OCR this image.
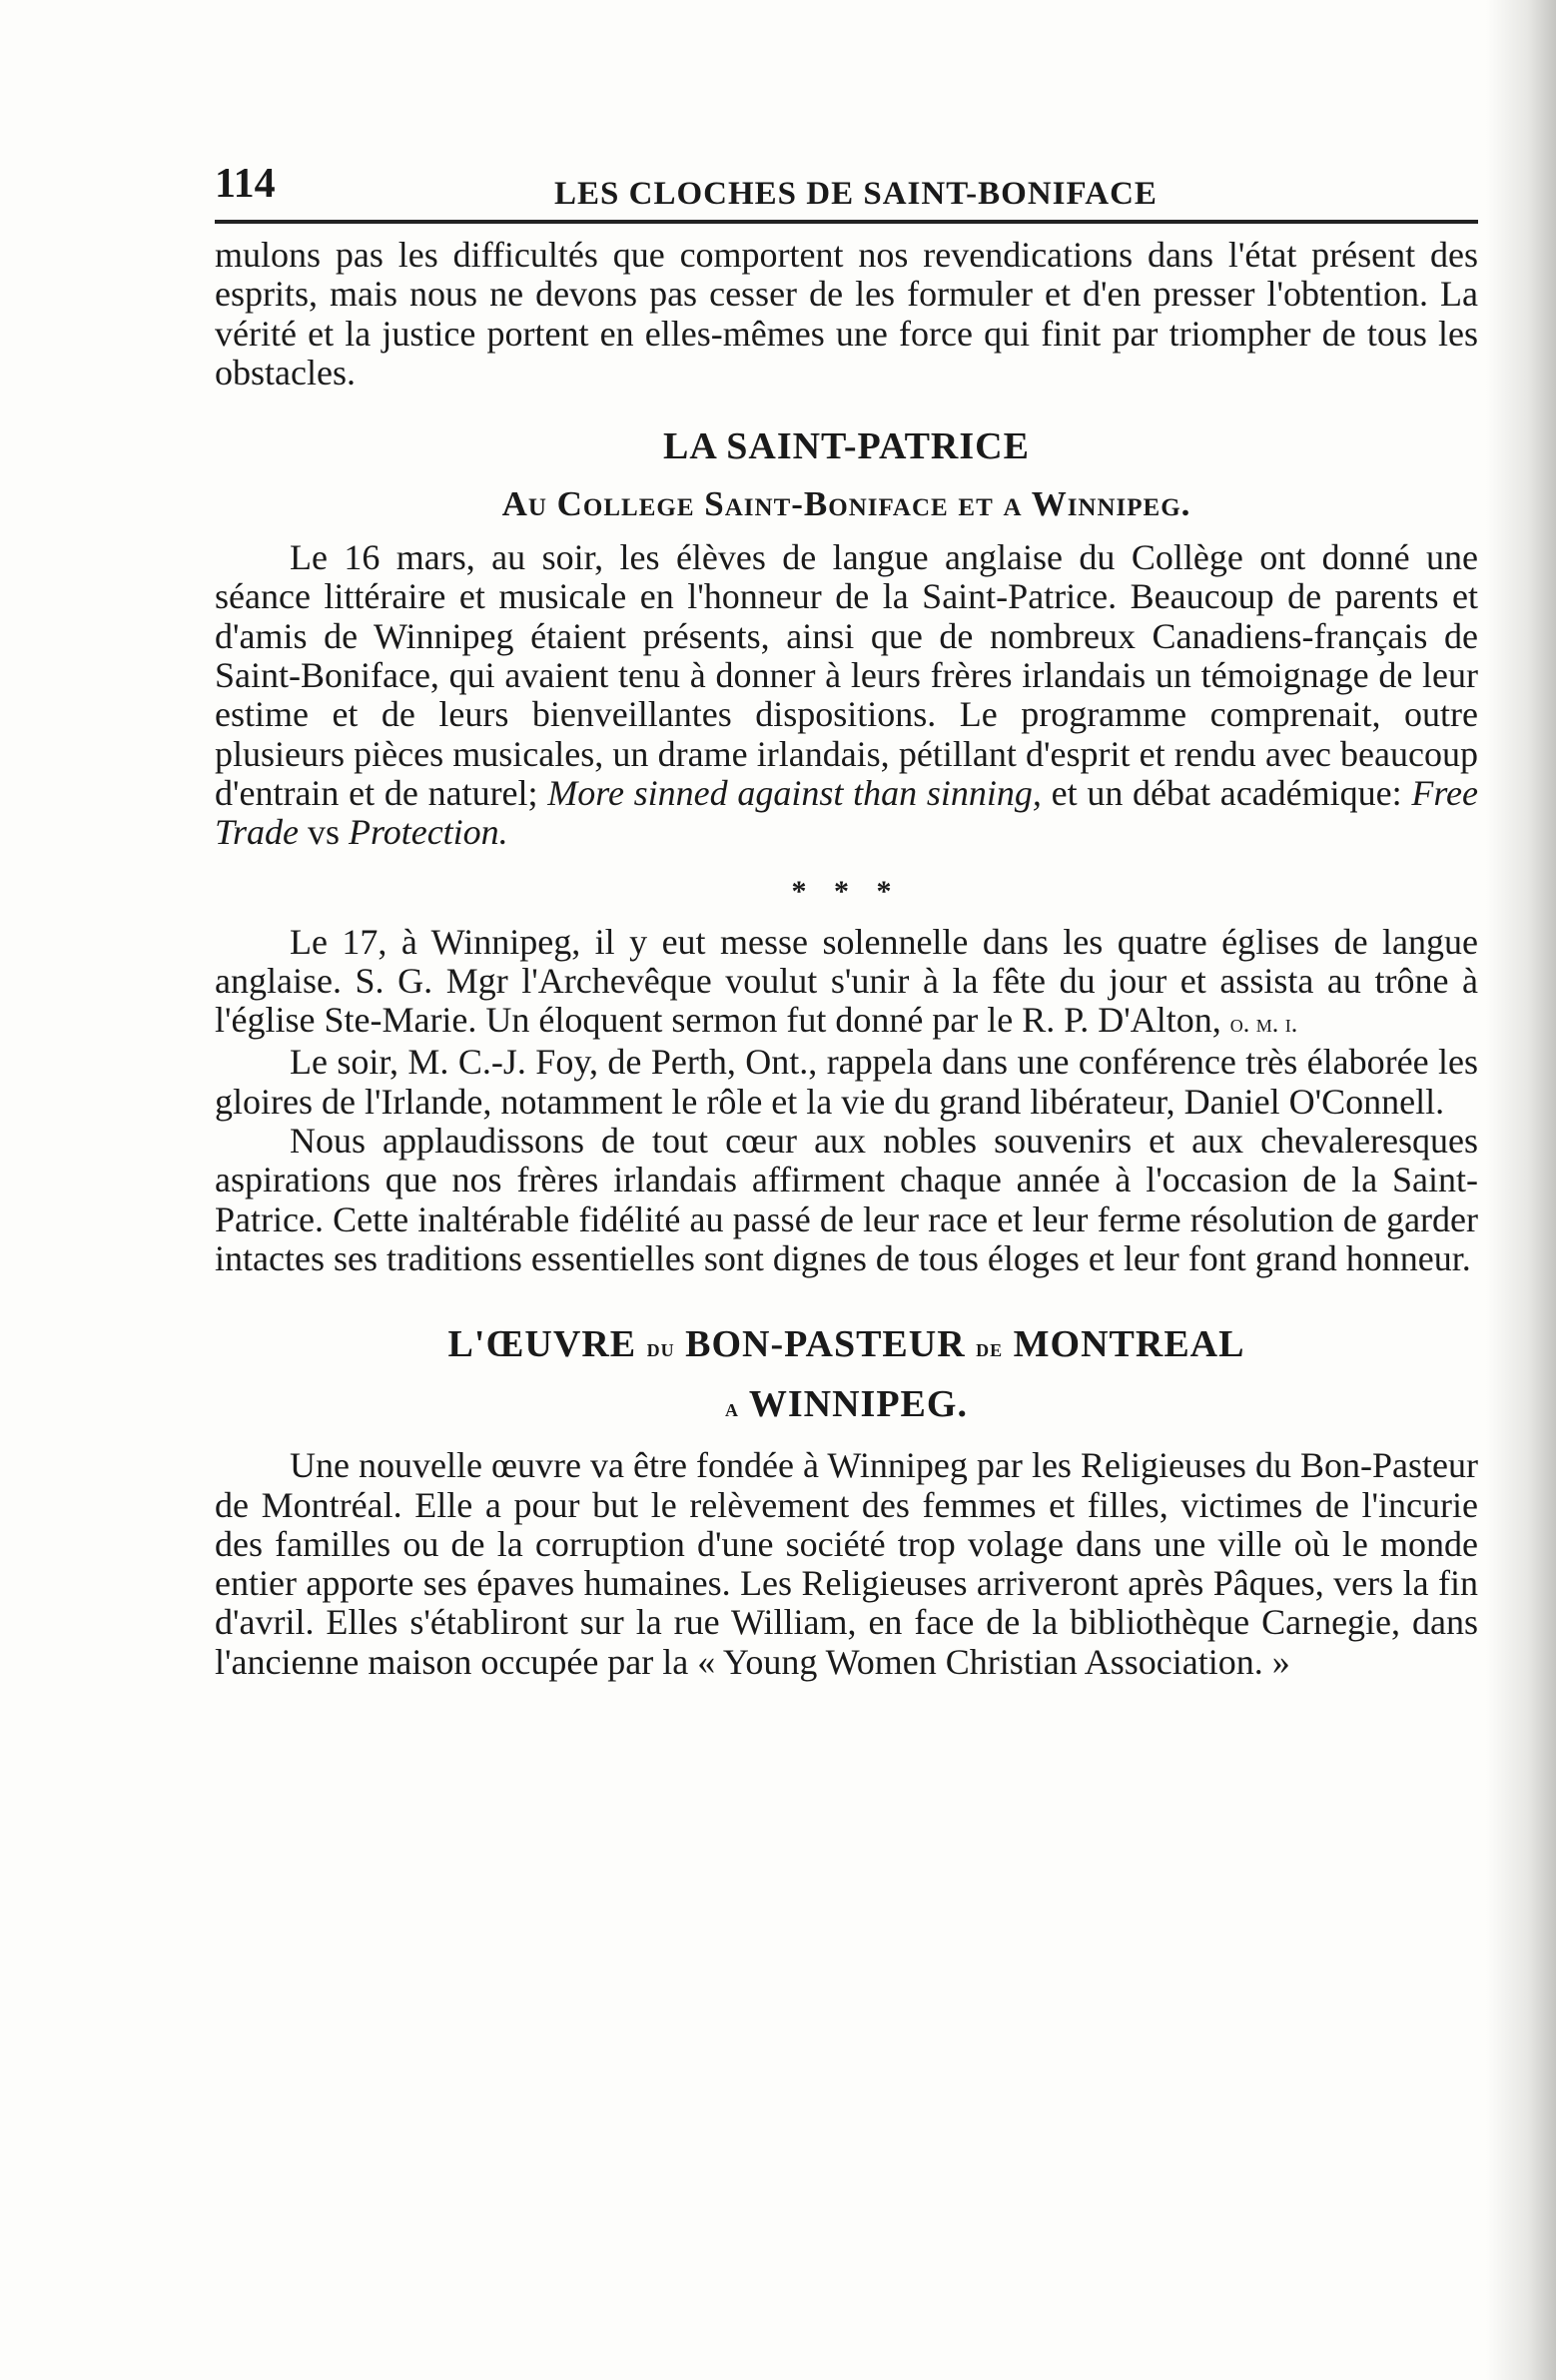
114	LES CLOCHES DE SAINT-BONIFACE

mulons pas les difficultés que comportent nos revendications dans l'état présent des esprits, mais nous ne devons pas cesser de les formuler et d'en presser l'obtention. La vérité et la justice portent en elles-mêmes une force qui finit par triompher de tous les obstacles.

LA SAINT-PATRICE
Au College Saint-Boniface et a Winnipeg.

Le 16 mars, au soir, les élèves de langue anglaise du Collège ont donné une séance littéraire et musicale en l'honneur de la Saint-Patrice. Beaucoup de parents et d'amis de Winnipeg étaient présents, ainsi que de nombreux Canadiens-français de Saint-Boniface, qui avaient tenu à donner à leurs frères irlandais un témoignage de leur estime et de leurs bienveillantes dispositions. Le programme comprenait, outre plusieurs pièces musicales, un drame irlandais, pétillant d'esprit et rendu avec beaucoup d'entrain et de naturel; More sinned against than sinning, et un débat académique: Free Trade vs Protection.

* * *

Le 17, à Winnipeg, il y eut messe solennelle dans les quatre églises de langue anglaise. S. G. Mgr l'Archevêque voulut s'unir à la fête du jour et assista au trône à l'église Ste-Marie. Un éloquent sermon fut donné par le R. P. D'Alton, o. m. i.

Le soir, M. C.-J. Foy, de Perth, Ont., rappela dans une conférence très élaborée les gloires de l'Irlande, notamment le rôle et la vie du grand libérateur, Daniel O'Connell.

Nous applaudissons de tout cœur aux nobles souvenirs et aux chevaleresques aspirations que nos frères irlandais affirment chaque année à l'occasion de la Saint-Patrice. Cette inaltérable fidélité au passé de leur race et leur ferme résolution de garder intactes ses traditions essentielles sont dignes de tous éloges et leur font grand honneur.

L'ŒUVRE du BON-PASTEUR de MONTREAL
a WINNIPEG.

Une nouvelle œuvre va être fondée à Winnipeg par les Religieuses du Bon-Pasteur de Montréal. Elle a pour but le relèvement des femmes et filles, victimes de l'incurie des familles ou de la corruption d'une société trop volage dans une ville où le monde entier apporte ses épaves humaines. Les Religieuses arriveront après Pâques, vers la fin d'avril. Elles s'établiront sur la rue William, en face de la bibliothèque Carnegie, dans l'ancienne maison occupée par la « Young Women Christian Association. »
